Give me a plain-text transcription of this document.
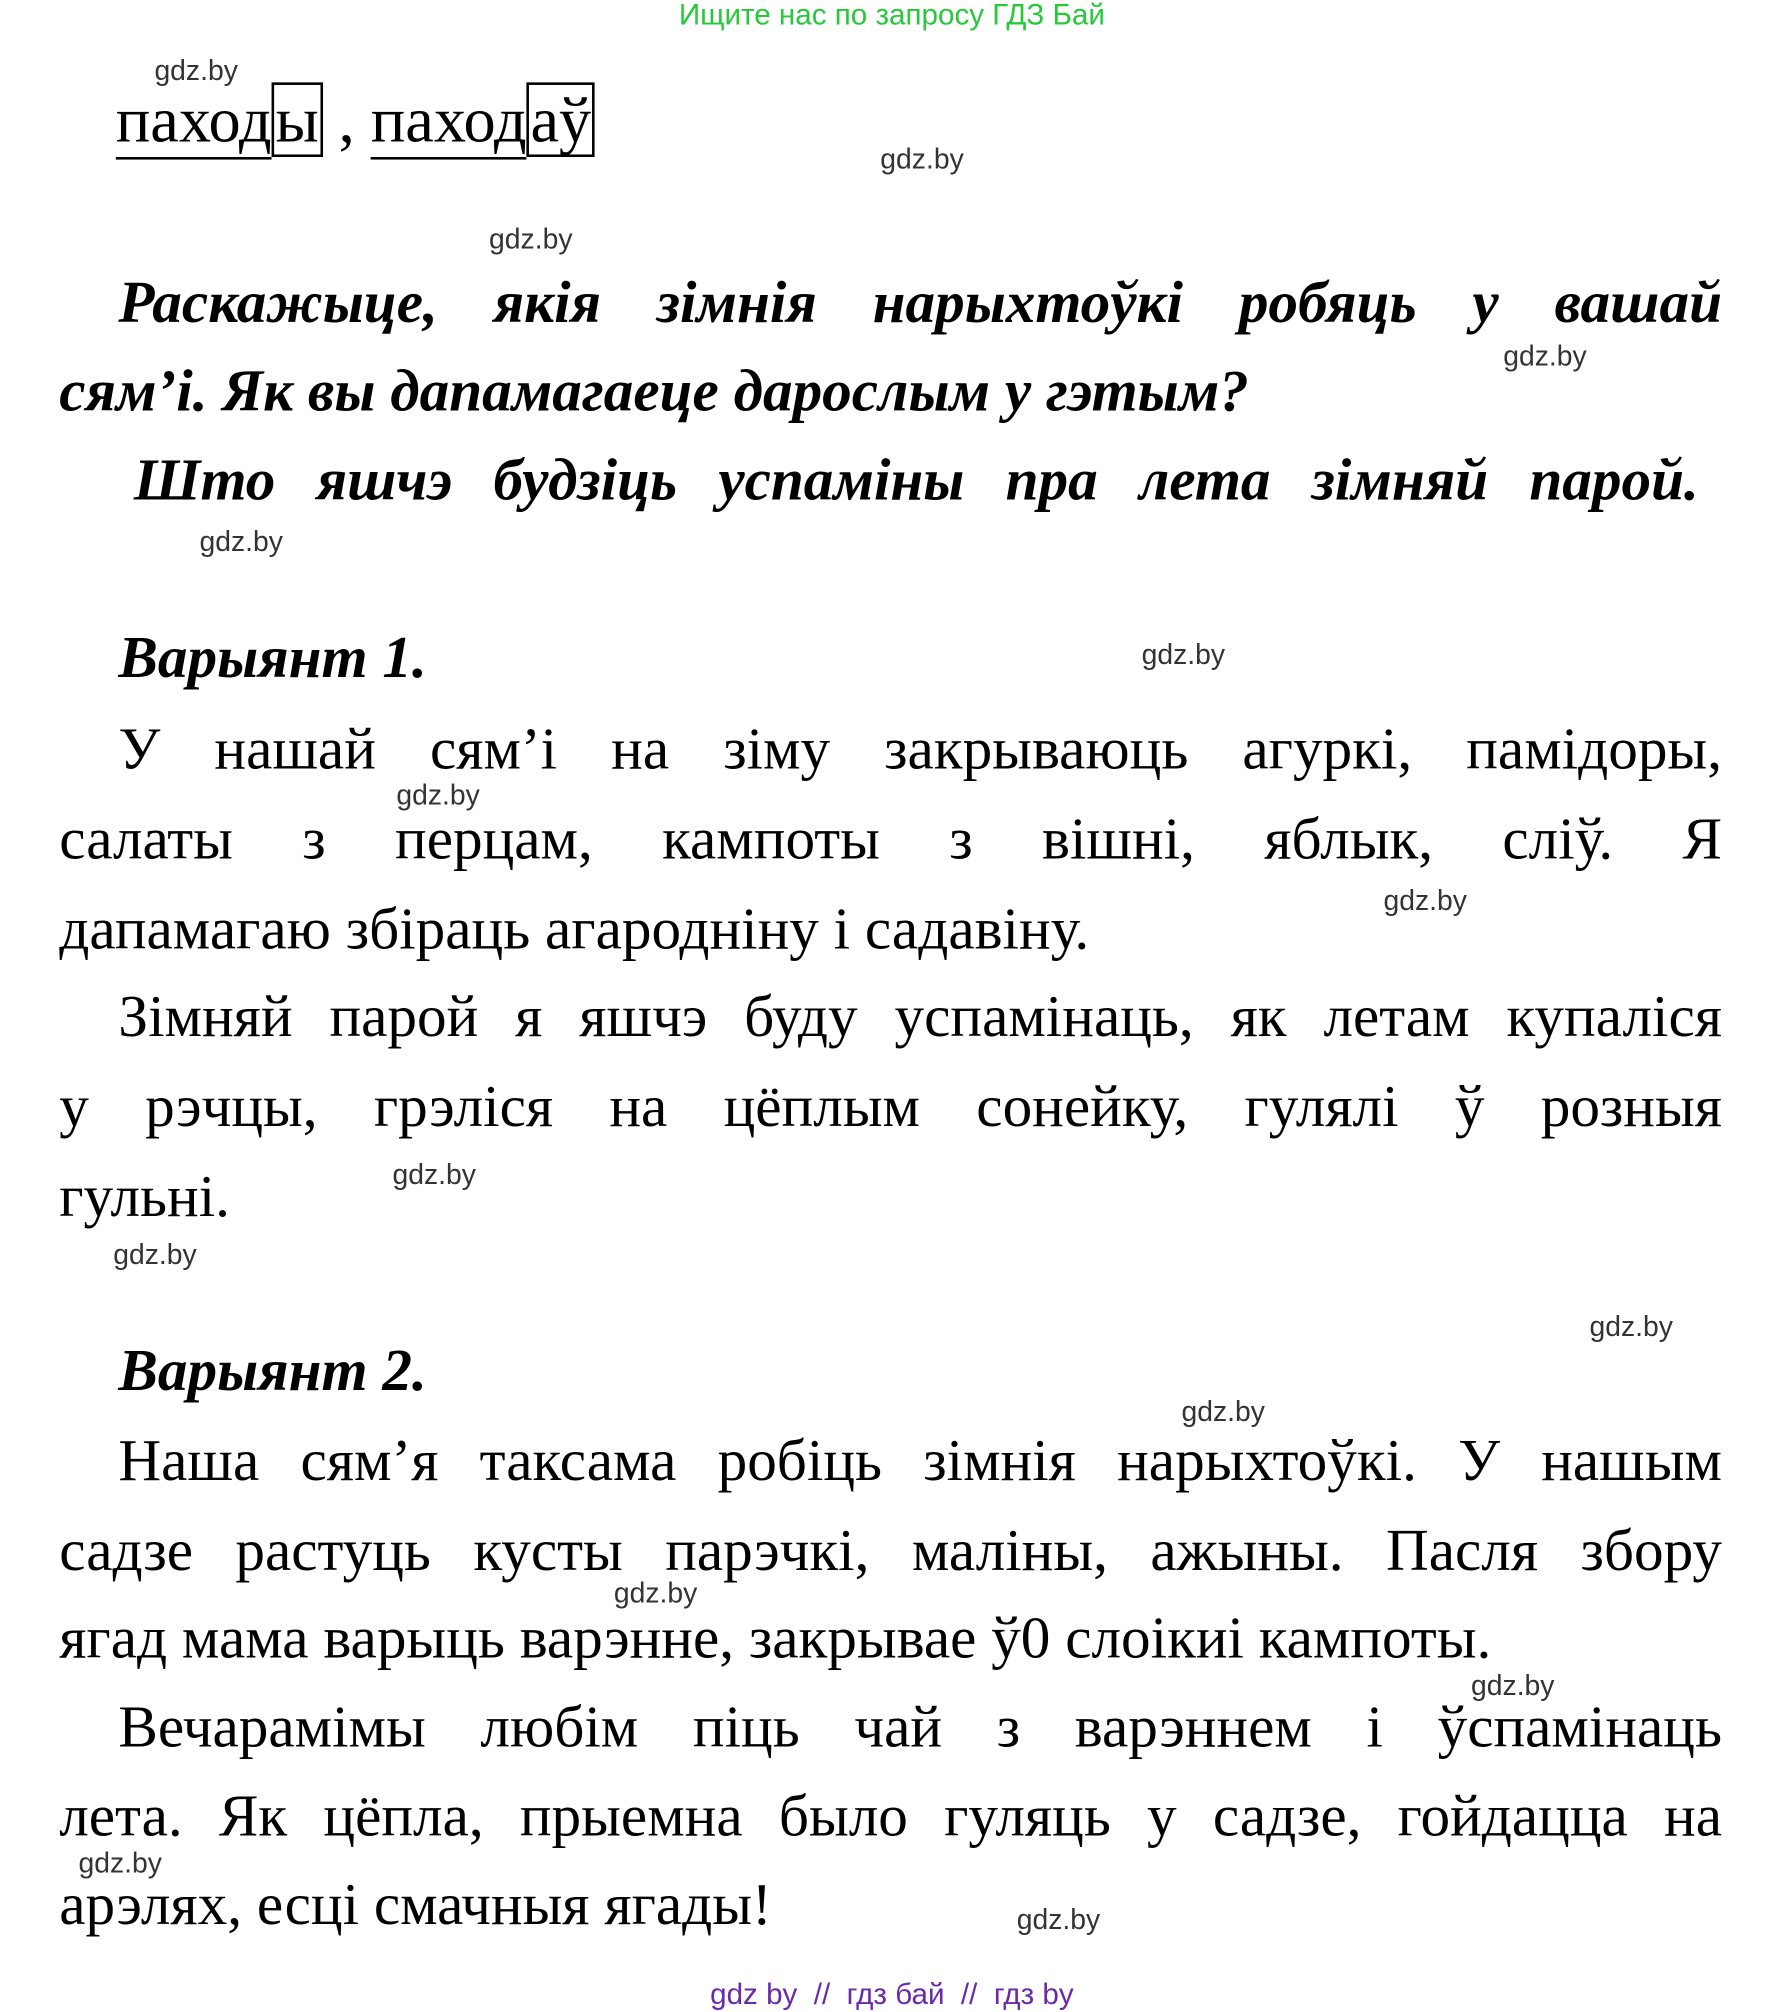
Ищите нас по запросу ГДЗ Бай
паходы , паходаў
Раскажыце, якія зімнія нарыхтоўкі робяць у вашай
сям’і. Як вы дапамагаеце дарослым у гэтым?
Што яшчэ будзіць успаміны пра лета зімняй парой.
Варыянт 1.
У нашай сям’і на зіму закрываюць агуркі, памідоры,
салаты з перцам, кампоты з вішні, яблык, сліў. Я
дапамагаю збіраць агародніну і садавіну.
Зімняй парой я яшчэ буду успамінаць, як летам купаліся
у рэчцы, грэліся на цёплым сонейку, гулялі ў розныя
гульні.
Варыянт 2.
Наша сям’я таксама робіць зімнія нарыхтоўкі. У нашым
садзе растуць кусты парэчкі, маліны, ажыны. Пасля збору
ягад мама варыць варэнне, закрывае ў0 слоікиі кампоты.
Вечарамімы любім піць чай з варэннем і ўспамінаць
лета. Як цёпла, прыемна было гуляць у садзе, гойдацца на
арэлях, есці смачныя ягады!
gdz.by
gdz.by
gdz.by
gdz.by
gdz.by
gdz.by
gdz.by
gdz.by
gdz.by
gdz.by
gdz.by
gdz.by
gdz.by
gdz.by
gdz.by
gdz.by
gdz by  //  гдз бай  //  гдз by
